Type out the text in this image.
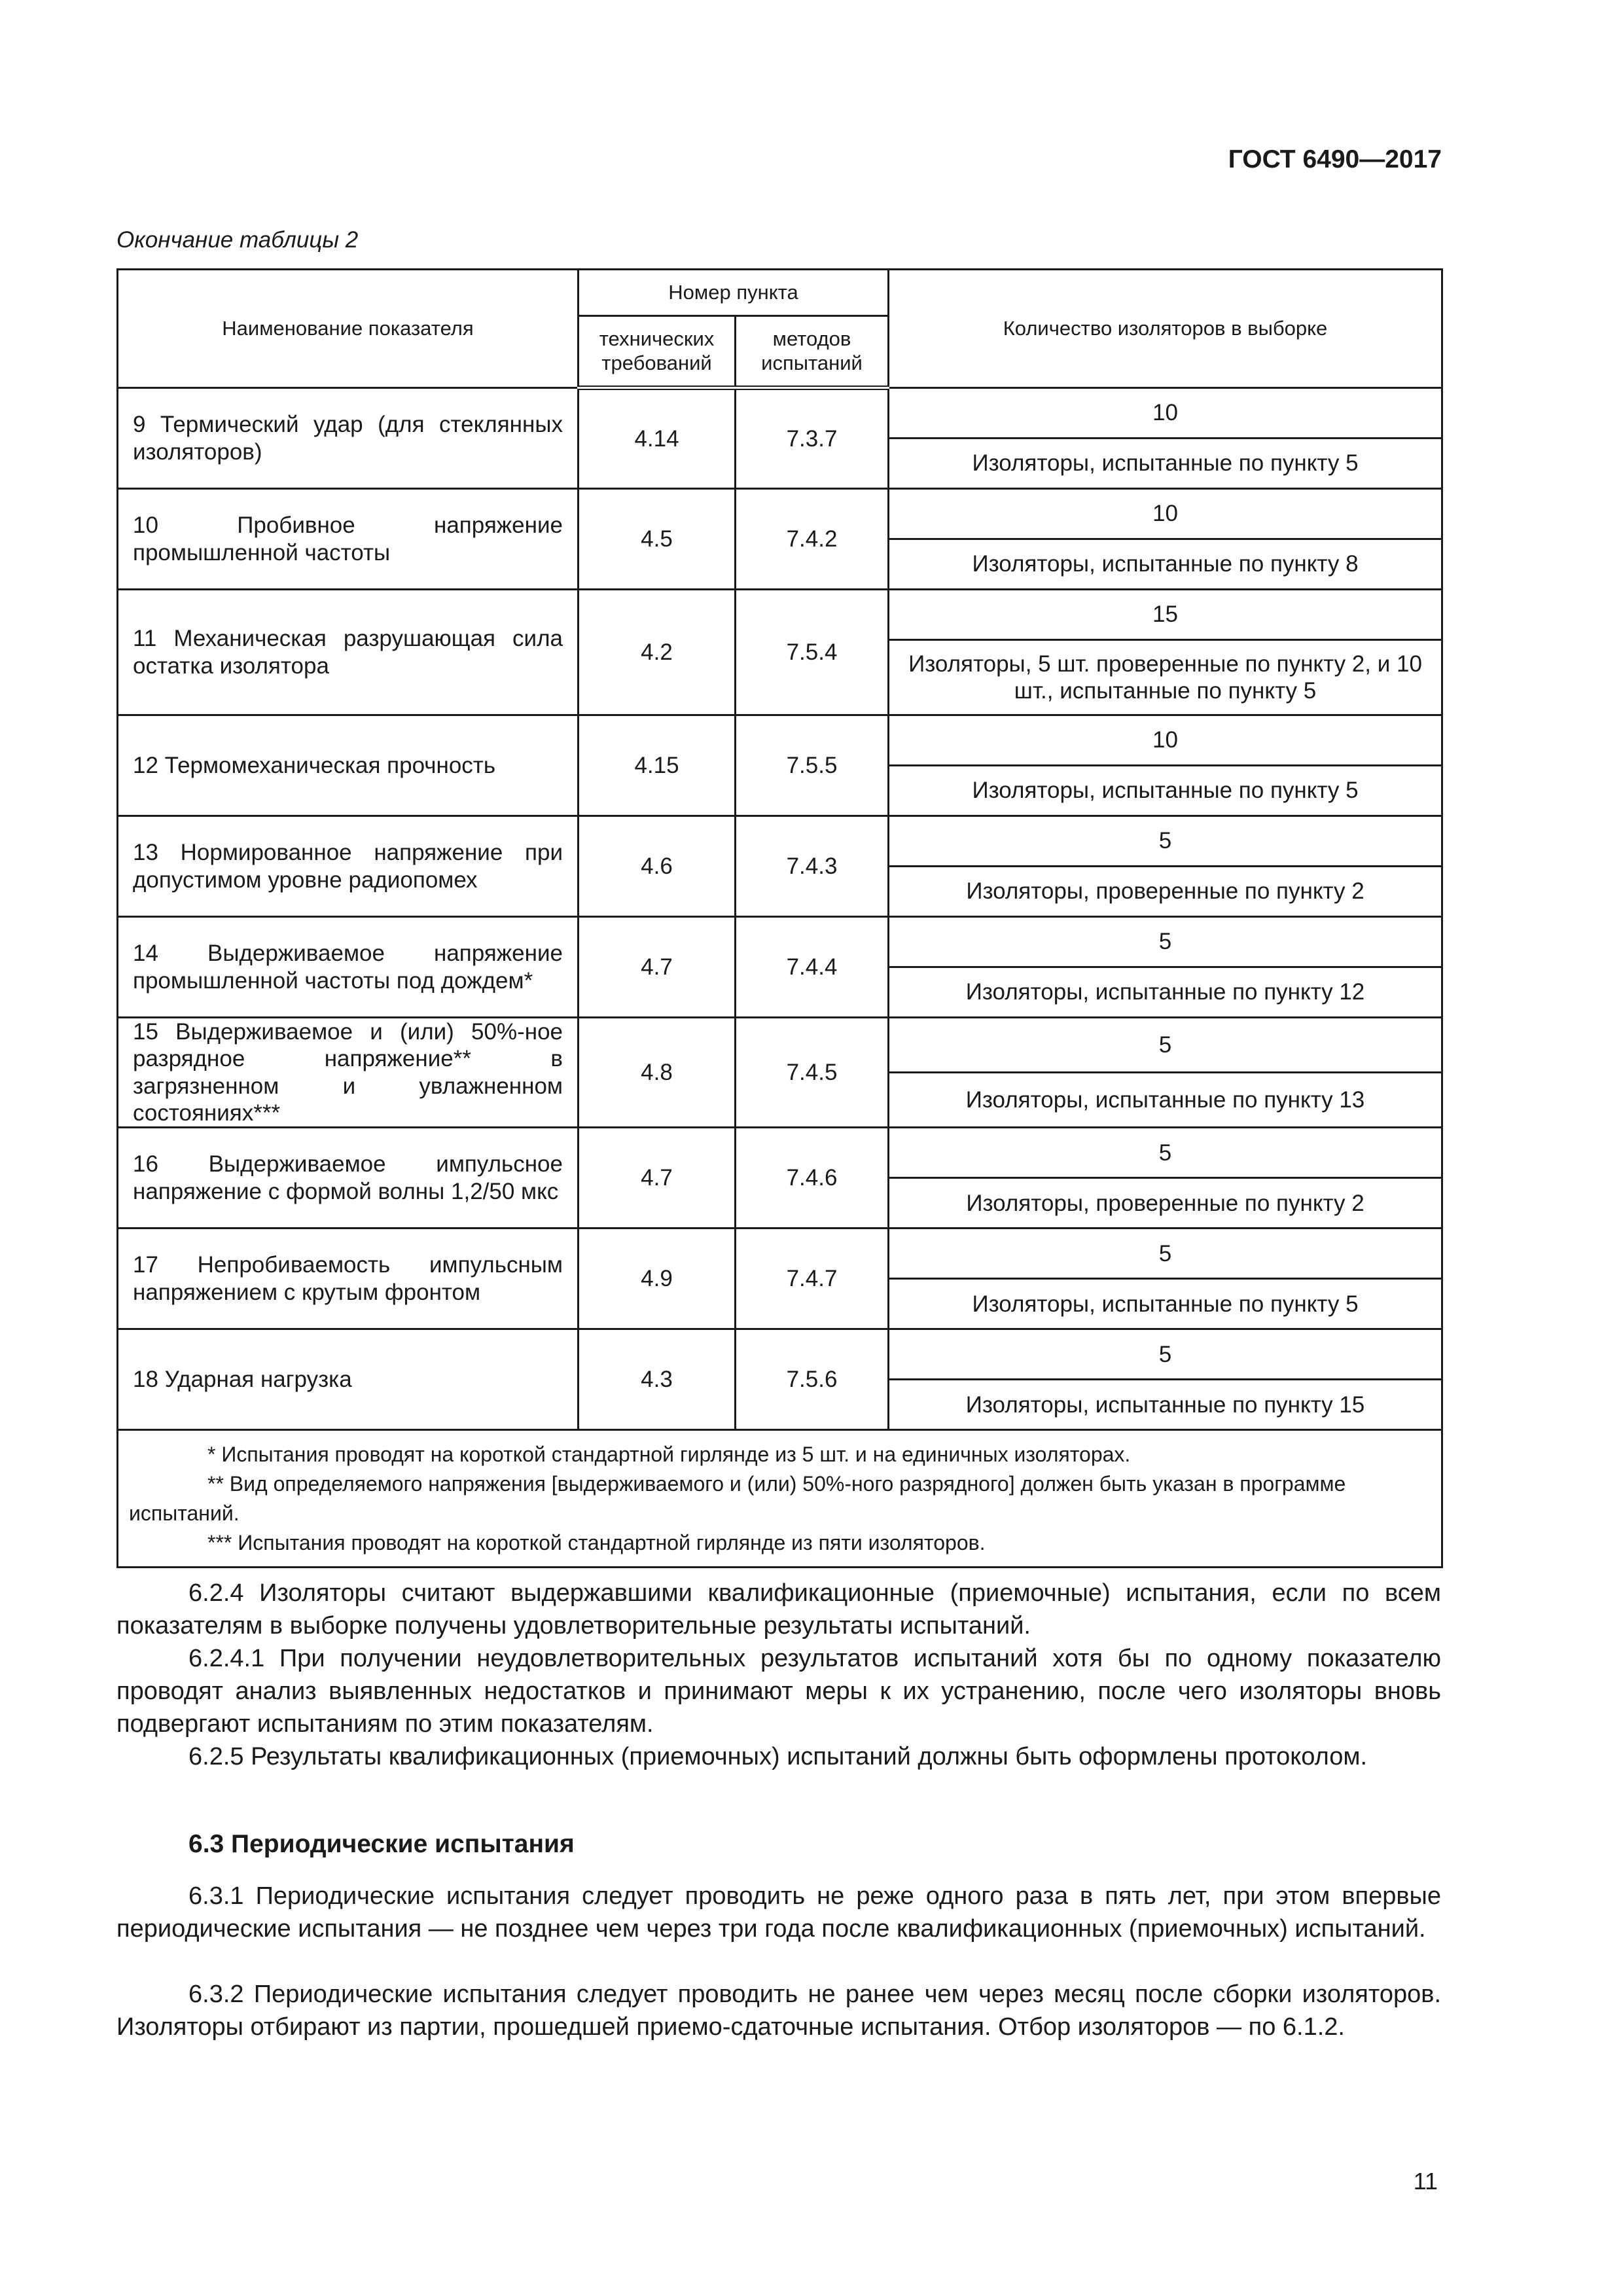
ГОСТ 6490—2017
Окончание таблицы 2
Наименование показателя	Номер пункта		Количество изоляторов в выборке
	технических требований	методов испытаний	
9 Термический удар (для стеклянных изоляторов)	4.14	7.3.7	10
			Изоляторы, испытанные по пункту 5
10 Пробивное напряжение промышленной частоты	4.5	7.4.2	10
			Изоляторы, испытанные по пункту 8
11 Механическая разрушающая сила остатка изолятора	4.2	7.5.4	15
			Изоляторы, 5 шт. проверенные по пункту 2, и 10 шт., испытанные по пункту 5
12 Термомеханическая прочность	4.15	7.5.5	10
			Изоляторы, испытанные по пункту 5
13 Нормированное напряжение при допустимом уровне радиопомех	4.6	7.4.3	5
			Изоляторы, проверенные по пункту 2
14 Выдерживаемое напряжение промышленной частоты под дождем*	4.7	7.4.4	5
			Изоляторы, испытанные по пункту 12
15 Выдерживаемое и (или) 50%-ное разрядное напряжение** в загрязненном и увлажненном состояниях***	4.8	7.4.5	5
			Изоляторы, испытанные по пункту 13
16 Выдерживаемое импульсное напряжение с формой волны 1,2/50 мкс	4.7	7.4.6	5
			Изоляторы, проверенные по пункту 2
17 Непробиваемость импульсным напряжением с крутым фронтом	4.9	7.4.7	5
			Изоляторы, испытанные по пункту 5
18 Ударная нагрузка	4.3	7.5.6	5
			Изоляторы, испытанные по пункту 15

* Испытания проводят на короткой стандартной гирлянде из 5 шт. и на единичных изоляторах.
** Вид определяемого напряжения [выдерживаемого и (или) 50%-ного разрядного] должен быть указан в программе испытаний.
*** Испытания проводят на короткой стандартной гирлянде из пяти изоляторов.			

6.2.4 Изоляторы считают выдержавшими квалификационные (приемочные) испытания, если по всем показателям в выборке получены удовлетворительные результаты испытаний.

6.2.4.1 При получении неудовлетворительных результатов испытаний хотя бы по одному показателю проводят анализ выявленных недостатков и принимают меры к их устранению, после чего изоляторы вновь подвергают испытаниям по этим показателям.

6.2.5 Результаты квалификационных (приемочных) испытаний должны быть оформлены протоколом.

6.3 Периодические испытания

6.3.1 Периодические испытания следует проводить не реже одного раза в пять лет, при этом впервые периодические испытания — не позднее чем через три года после квалификационных (приемочных) испытаний.

6.3.2 Периодические испытания следует проводить не ранее чем через месяц после сборки изоляторов. Изоляторы отбирают из партии, прошедшей приемо-сдаточные испытания. Отбор изоляторов — по 6.1.2.

11
